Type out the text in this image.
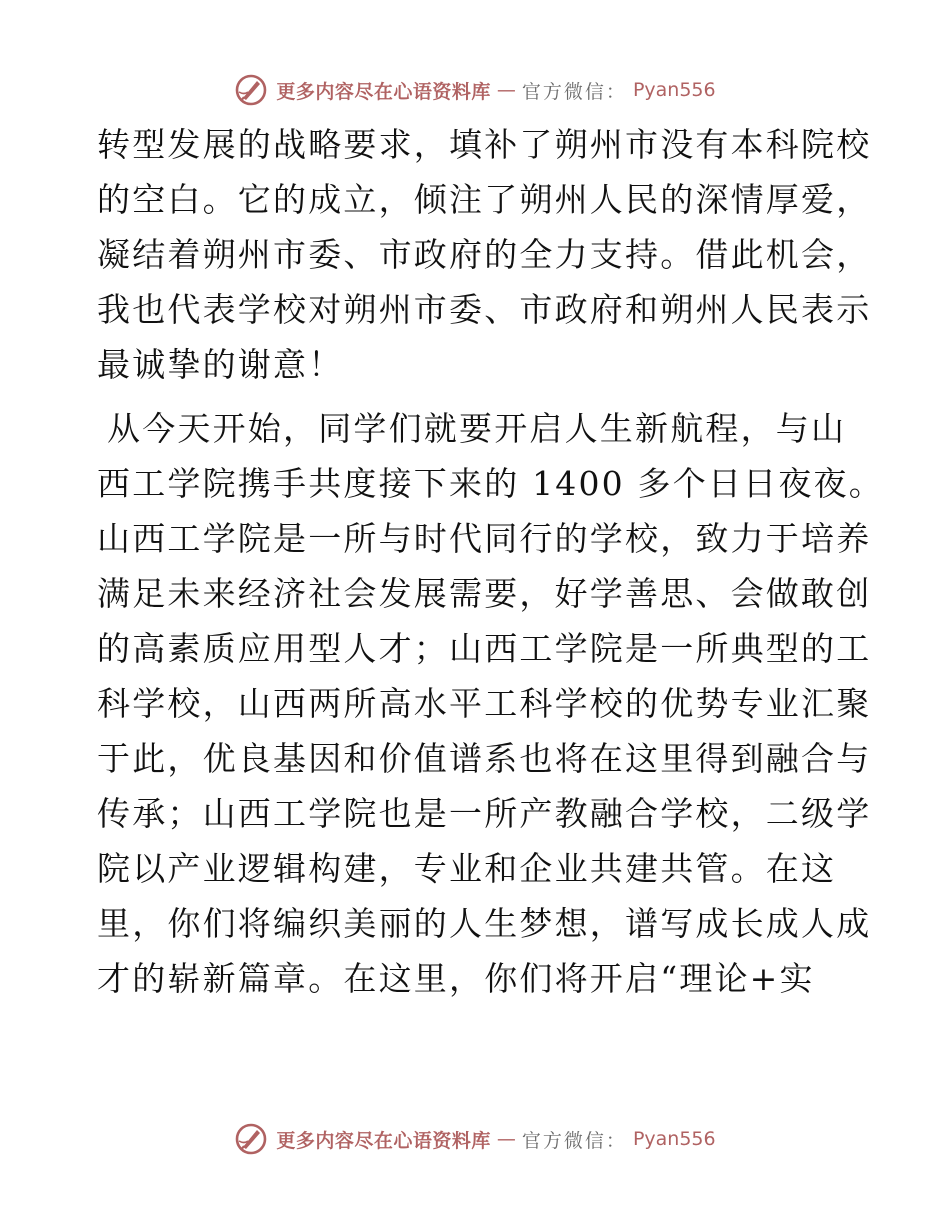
更多内容尽在心语资料库 — 官方微信： Pyan556

转型发展的战略要求，填补了朔州市没有本科院校
的空白。它的成立，倾注了朔州人民的深情厚爱，
凝结着朔州市委、市政府的全力支持。借此机会，
我也代表学校对朔州市委、市政府和朔州人民表示
最诚挚的谢意！

从今天开始，同学们就要开启人生新航程，与山
西工学院携手共度接下来的 1400 多个日日夜夜。
山西工学院是一所与时代同行的学校，致力于培养
满足未来经济社会发展需要，好学善思、会做敢创
的高素质应用型人才；山西工学院是一所典型的工
科学校，山西两所高水平工科学校的优势专业汇聚
于此，优良基因和价值谱系也将在这里得到融合与
传承；山西工学院也是一所产教融合学校，二级学
院以产业逻辑构建，专业和企业共建共管。在这
里，你们将编织美丽的人生梦想，谱写成长成人成
才的崭新篇章。在这里，你们将开启“理论+实

更多内容尽在心语资料库 — 官方微信： Pyan556
